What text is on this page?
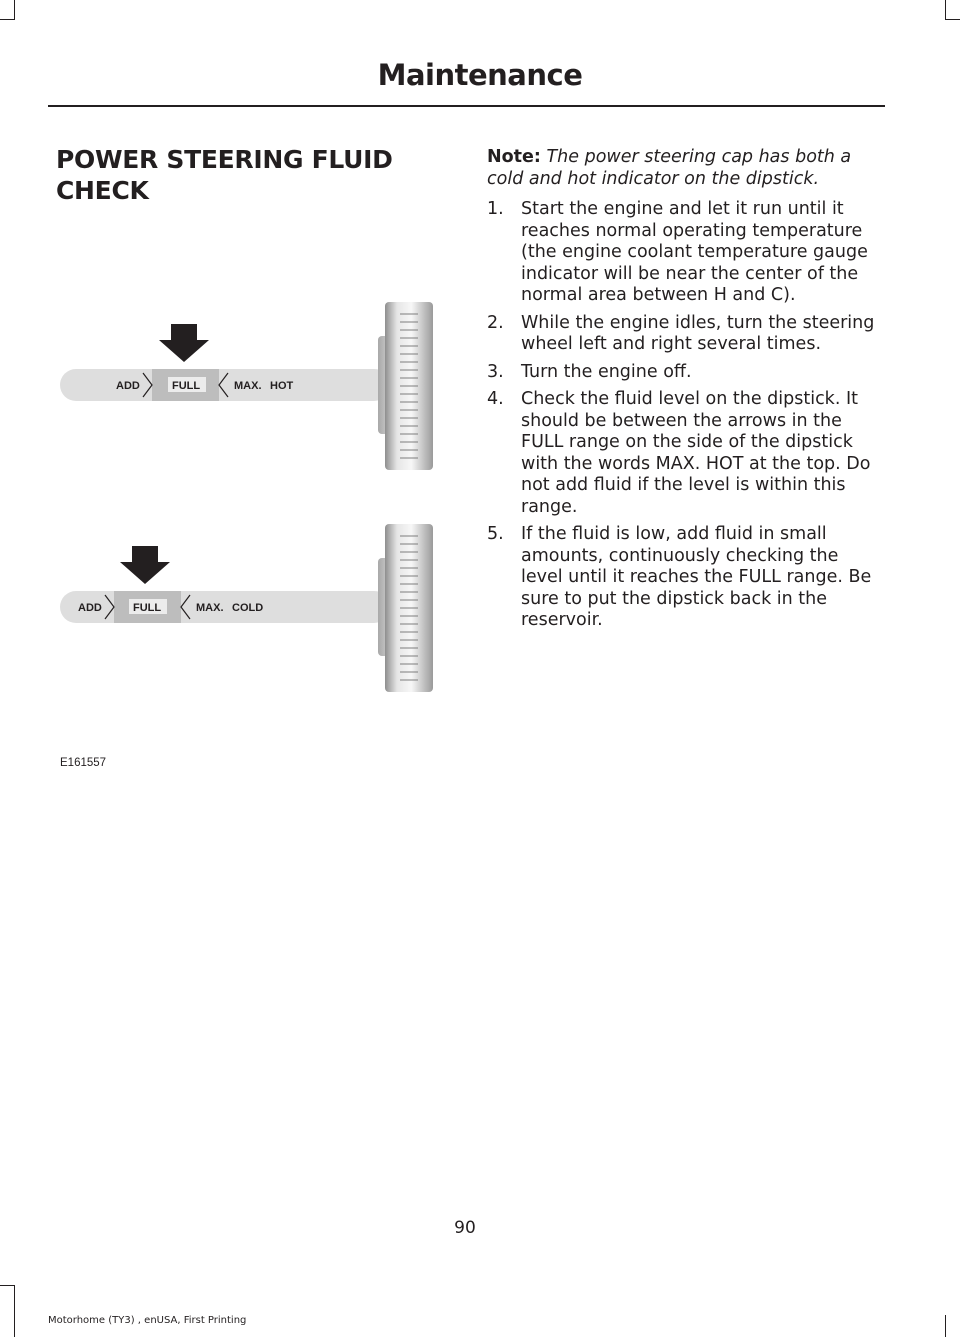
Maintenance
POWER STEERING FLUID CHECK
Note: The power steering cap has both a cold and hot indicator on the dipstick.
1. Start the engine and let it run until it reaches normal operating temperature (the engine coolant temperature gauge indicator will be near the center of the normal area between H and C).
2. While the engine idles, turn the steering wheel left and right several times.
3. Turn the engine off.
4. Check the fluid level on the dipstick. It should be between the arrows in the FULL range on the side of the dipstick with the words MAX. HOT at the top. Do not add fluid if the level is within this range.
5. If the fluid is low, add fluid in small amounts, continuously checking the level until it reaches the FULL range. Be sure to put the dipstick back in the reservoir.
ADD	FULL	MAX. HOT
ADD	FULL	MAX. COLD
E161557
90
Motorhome (TY3) , enUSA, First Printing
